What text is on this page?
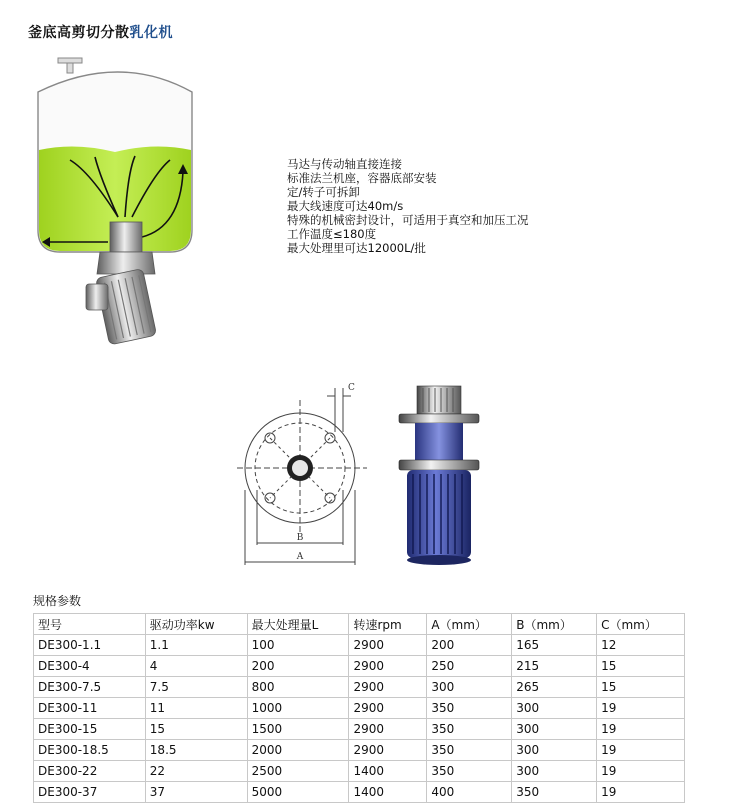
釜底高剪切分散乳化机
马达与传动轴直接连接
标准法兰机座，容器底部安装
定/转子可拆卸
最大线速度可达40m/s
特殊的机械密封设计，可适用于真空和加压工况
工作温度≤180度
最大处理里可达12000L/批
B
A
C
规格参数
型号	驱动功率kw	最大处理量L	转速rpm	A（mm）	B（mm）	C（mm）
DE300-1.1	1.1	100	2900	200	165	12
DE300-4	4	200	2900	250	215	15
DE300-7.5	7.5	800	2900	300	265	15
DE300-11	11	1000	2900	350	300	19
DE300-15	15	1500	2900	350	300	19
DE300-18.5	18.5	2000	2900	350	300	19
DE300-22	22	2500	1400	350	300	19
DE300-37	37	5000	1400	400	350	19
